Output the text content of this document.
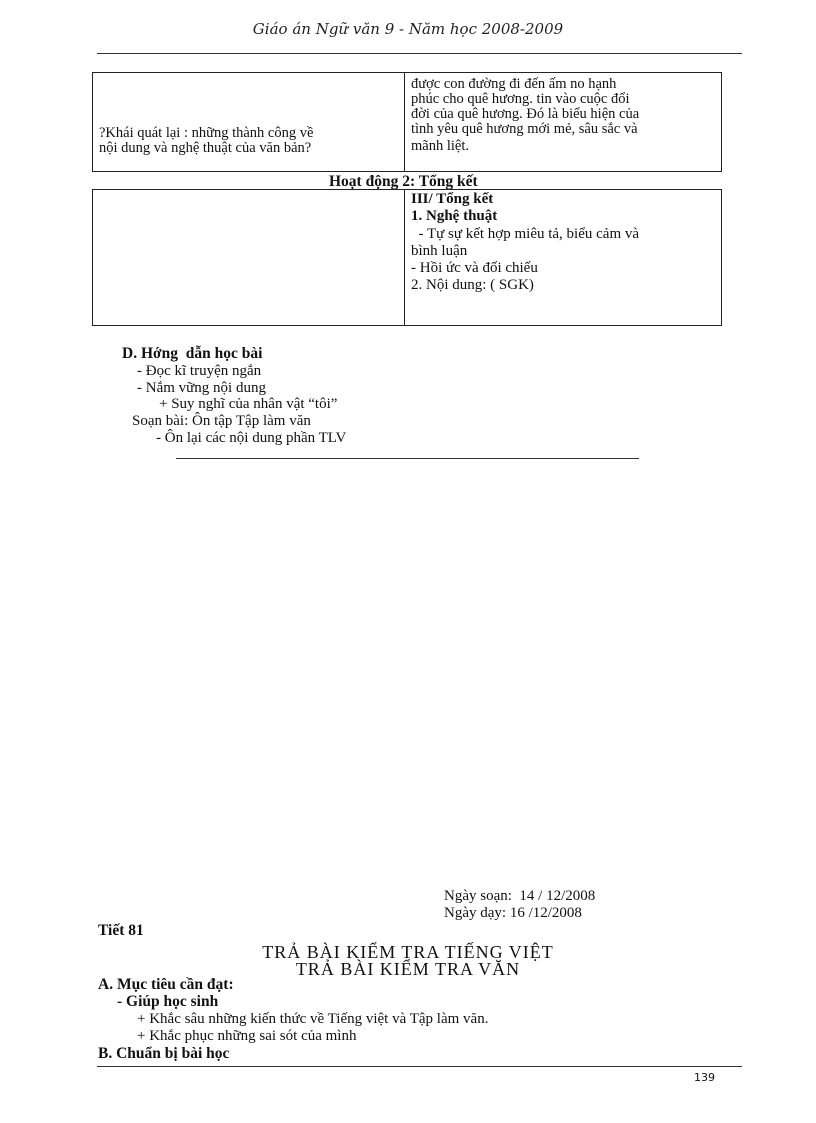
Giáo án Ngữ văn 9 - Năm học 2008-2009
?Khái quát lại : những thành công về
nội dung và nghệ thuật của văn bản?
được con đường đi đến ấm no hạnh
phúc cho quê hương. tin vào cuộc đổi
đời của quê hương. Đó là biểu hiện của
tình yêu quê hương mới mẻ, sâu sắc và
mãnh liệt.
Hoạt động 2: Tổng kết
III/ Tổng kết
1. Nghệ thuật
- Tự sự kết hợp miêu tả, biểu cảm và
bình luận
- Hồi ức và đối chiếu
2. Nội dung: ( SGK)
D. Hớng  dẫn học bài
- Đọc kĩ truyện ngắn
- Nắm vững nội dung
+ Suy nghĩ của nhân vật “tôi”
Soạn bài: Ôn tập Tập làm văn
- Ôn lại các nội dung phần TLV
Ngày soạn:  14 / 12/2008
Ngày dạy: 16 /12/2008
Tiết 81
TRẢ BÀI KIỂM TRA TIẾNG VIỆT
TRẢ BÀI KIỂM TRA VĂN
A. Mục tiêu cần đạt:
- Giúp học sinh
+ Khắc sâu những kiến thức về Tiếng việt và Tập làm văn.
+ Khắc phục những sai sót của mình
B. Chuẩn bị bài học
139
